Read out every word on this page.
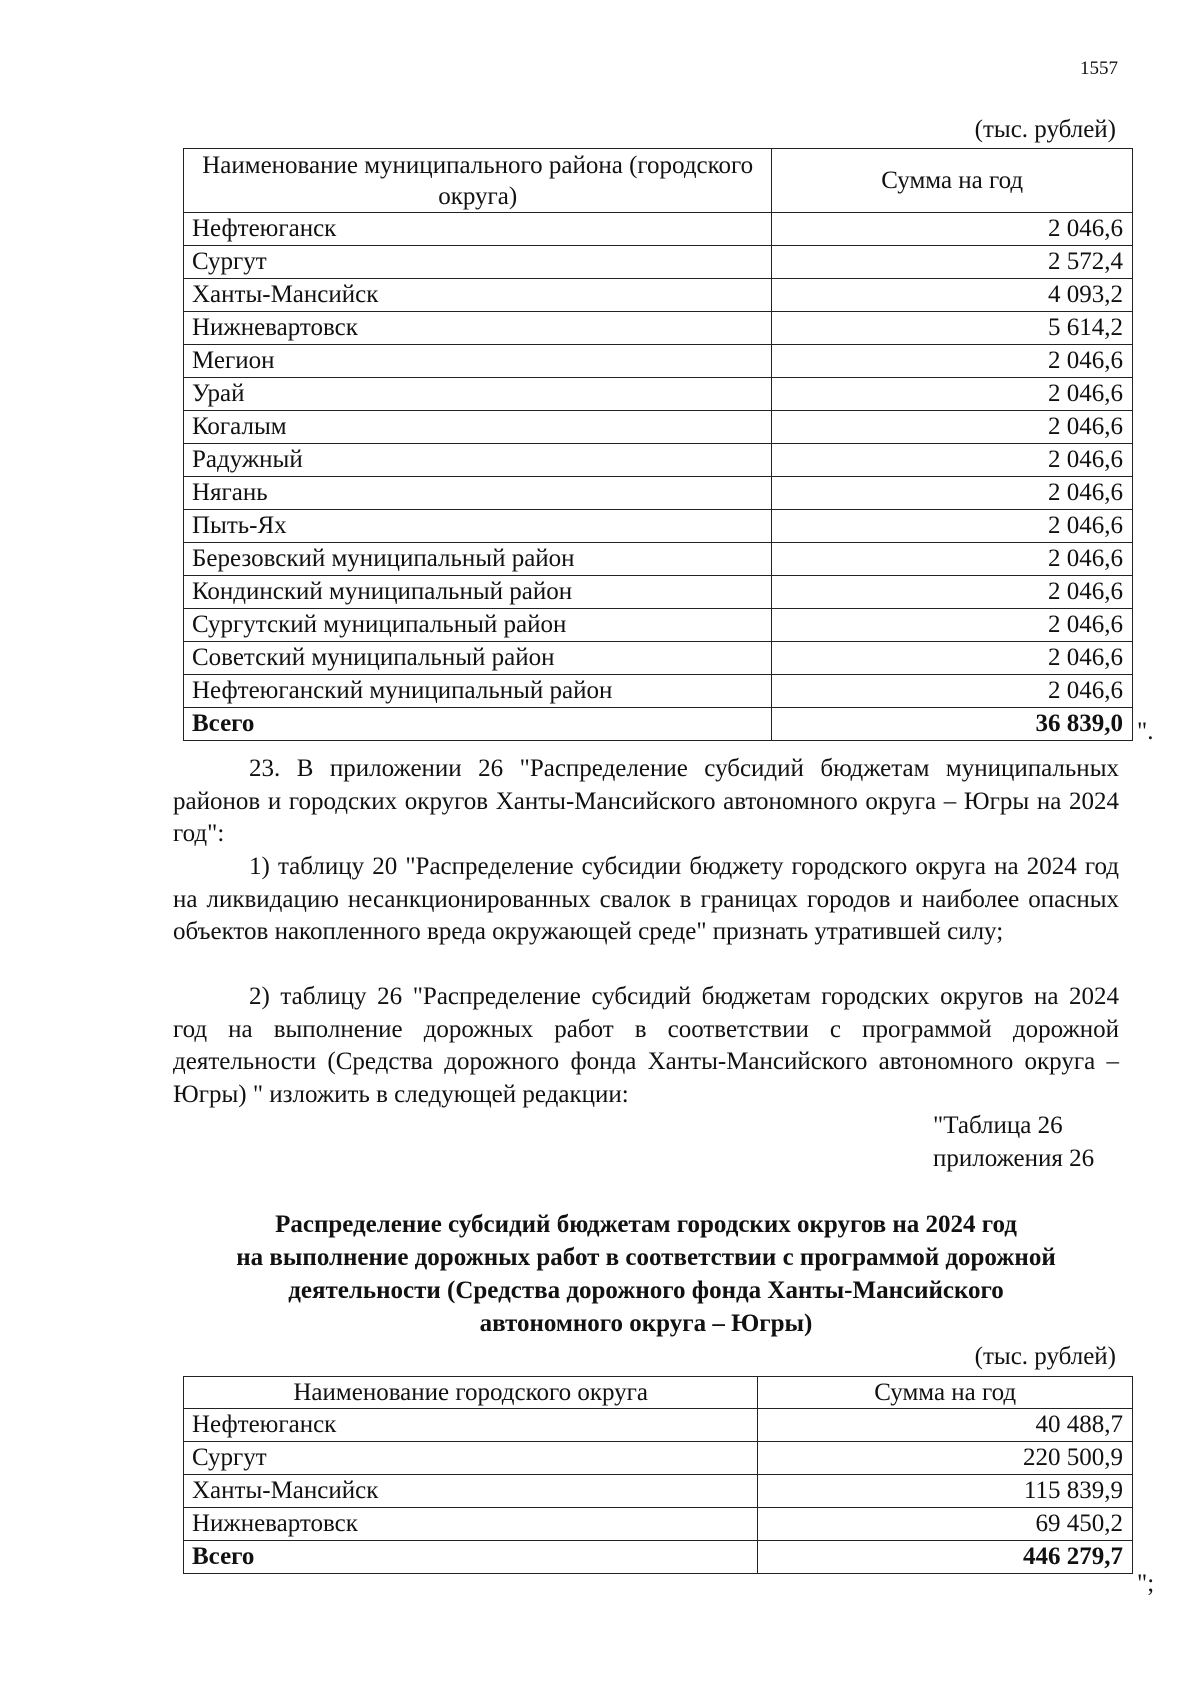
1557
(тыс. рублей)
Наименование муниципального района (городского округа)	Сумма на год
Нефтеюганск	2 046,6
Сургут	2 572,4
Ханты-Мансийск	4 093,2
Нижневартовск	5 614,2
Мегион	2 046,6
Урай	2 046,6
Когалым	2 046,6
Радужный	2 046,6
Нягань	2 046,6
Пыть-Ях	2 046,6
Березовский муниципальный район	2 046,6
Кондинский муниципальный район	2 046,6
Сургутский муниципальный район	2 046,6
Советский муниципальный район	2 046,6
Нефтеюганский муниципальный район	2 046,6
Всего	36 839,0 ".

23. В приложении 26 "Распределение субсидий бюджетам муниципальных районов и городских округов Ханты-Мансийского автономного округа – Югры на 2024 год":

1) таблицу 20 "Распределение субсидии бюджету городского округа на 2024 год на ликвидацию несанкционированных свалок в границах городов и наиболее опасных объектов накопленного вреда окружающей среде" признать утратившей силу;

2) таблицу 26 "Распределение субсидий бюджетам городских округов на 2024 год на выполнение дорожных работ в соответствии с программой дорожной деятельности (Средства дорожного фонда Ханты-Мансийского автономного округа – Югры) " изложить в следующей редакции:

"Таблица 26
приложения 26
Распределение субсидий бюджетам городских округов на 2024 год
на выполнение дорожных работ в соответствии с программой дорожной
деятельности (Средства дорожного фонда Ханты-Мансийского
автономного округа – Югры)
(тыс. рублей)
Наименование городского округа	Сумма на год
Нефтеюганск	40 488,7
Сургут	220 500,9
Ханты-Мансийск	115 839,9
Нижневартовск	69 450,2
Всего	446 279,7
";
